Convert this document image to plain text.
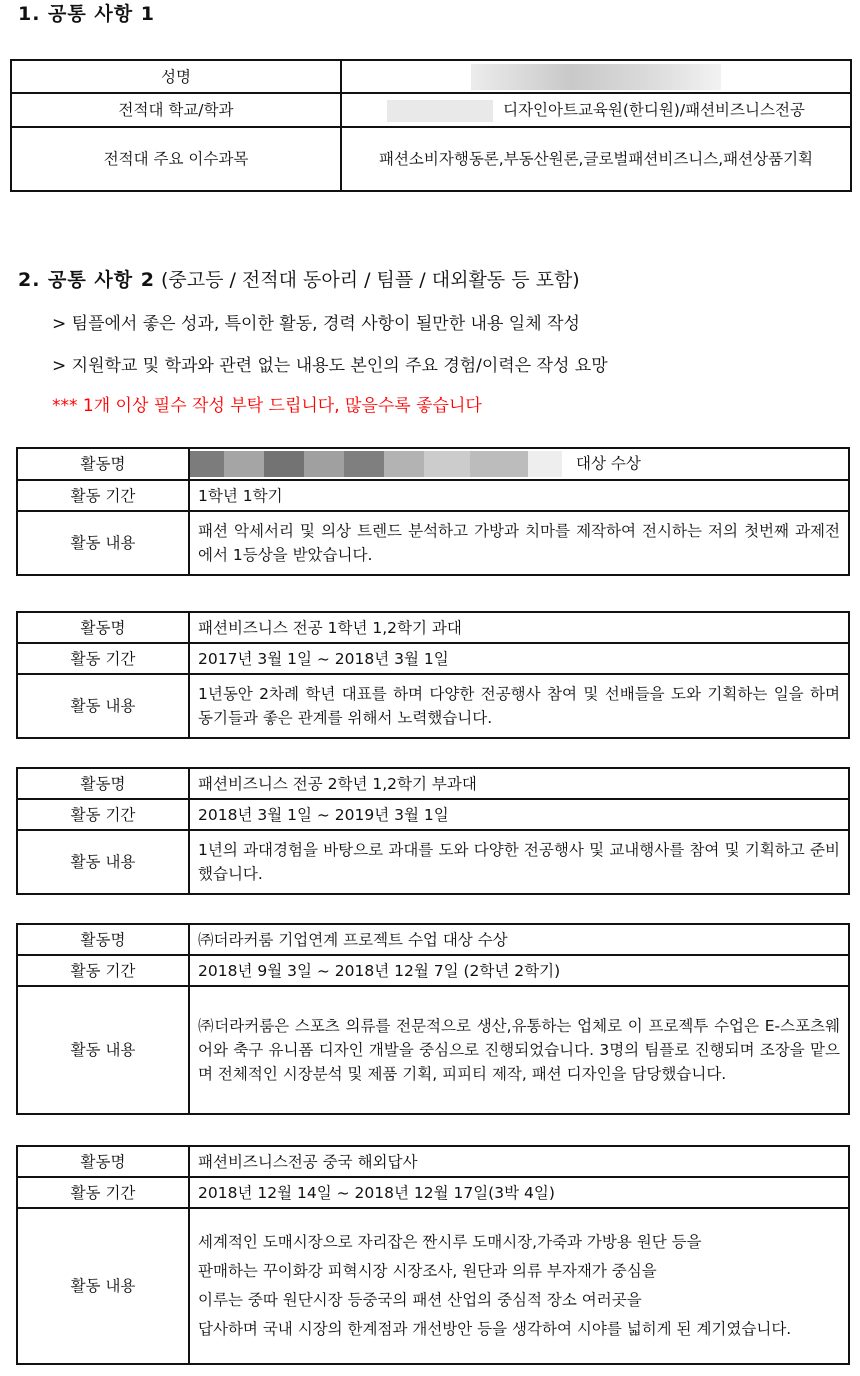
1. 공통 사항 1
성명	
전적대 학교/학과	디자인아트교육원(한디원)/패션비즈니스전공
전적대 주요 이수과목	패션소비자행동론,부동산원론,글로벌패션비즈니스,패션상품기획
2. 공통 사항 2 (중고등 / 전적대 동아리 / 팀플 / 대외활동 등 포함)
> 팀플에서 좋은 성과, 특이한 활동, 경력 사항이 될만한 내용 일체 작성
> 지원학교 및 학과와 관련 없는 내용도 본인의 주요 경험/이력은 작성 요망
*** 1개 이상 필수 작성 부탁 드립니다, 많을수록 좋습니다
활동명	대상 수상
활동 기간	1학년 1학기
활동 내용	패션 악세서리 및 의상 트렌드 분석하고 가방과 치마를 제작하여 전시하는 저의 첫번째 과제전에서 1등상을 받았습니다.
활동명	패션비즈니스 전공 1학년 1,2학기 과대
활동 기간	2017년 3월 1일 ~ 2018년 3월 1일
활동 내용	1년동안 2차례 학년 대표를 하며 다양한 전공행사 참여 및 선배들을 도와 기획하는 일을 하며 동기들과 좋은 관계를 위해서 노력했습니다.
활동명	패션비즈니스 전공 2학년 1,2학기 부과대
활동 기간	2018년 3월 1일 ~ 2019년 3월 1일
활동 내용	1년의 과대경험을 바탕으로 과대를 도와 다양한 전공행사 및 교내행사를 참여 및 기획하고 준비했습니다.
활동명	㈜더라커룸 기업연계 프로젝트 수업 대상 수상
활동 기간	2018년 9월 3일 ~ 2018년 12월 7일 (2학년 2학기)
활동 내용	㈜더라커룸은 스포츠 의류를 전문적으로 생산,유통하는 업체로 이 프로젝투 수업은 E-스포츠웨어와 축구 유니폼 디자인 개발을 중심으로 진행되었습니다. 3명의 팀플로 진행되며 조장을 맡으며 전체적인 시장분석 및 제품 기획, 피피티 제작, 패션 디자인을 담당했습니다.
활동명	패션비즈니스전공 중국 해외답사
활동 기간	2018년 12월 14일 ~ 2018년 12월 17일(3박 4일)
활동 내용	세계적인 도매시장으로 자리잡은 짠시루 도매시장,가죽과 가방용 원단 등을
판매하는 꾸이화강 피혁시장 시장조사, 원단과 의류 부자재가 중심을
이루는 중따 원단시장 등중국의 패션 산업의 중심적 장소 여러곳을
답사하며 국내 시장의 한계점과 개선방안 등을 생각하여 시야를 넓히게 된 계기였습니다.
